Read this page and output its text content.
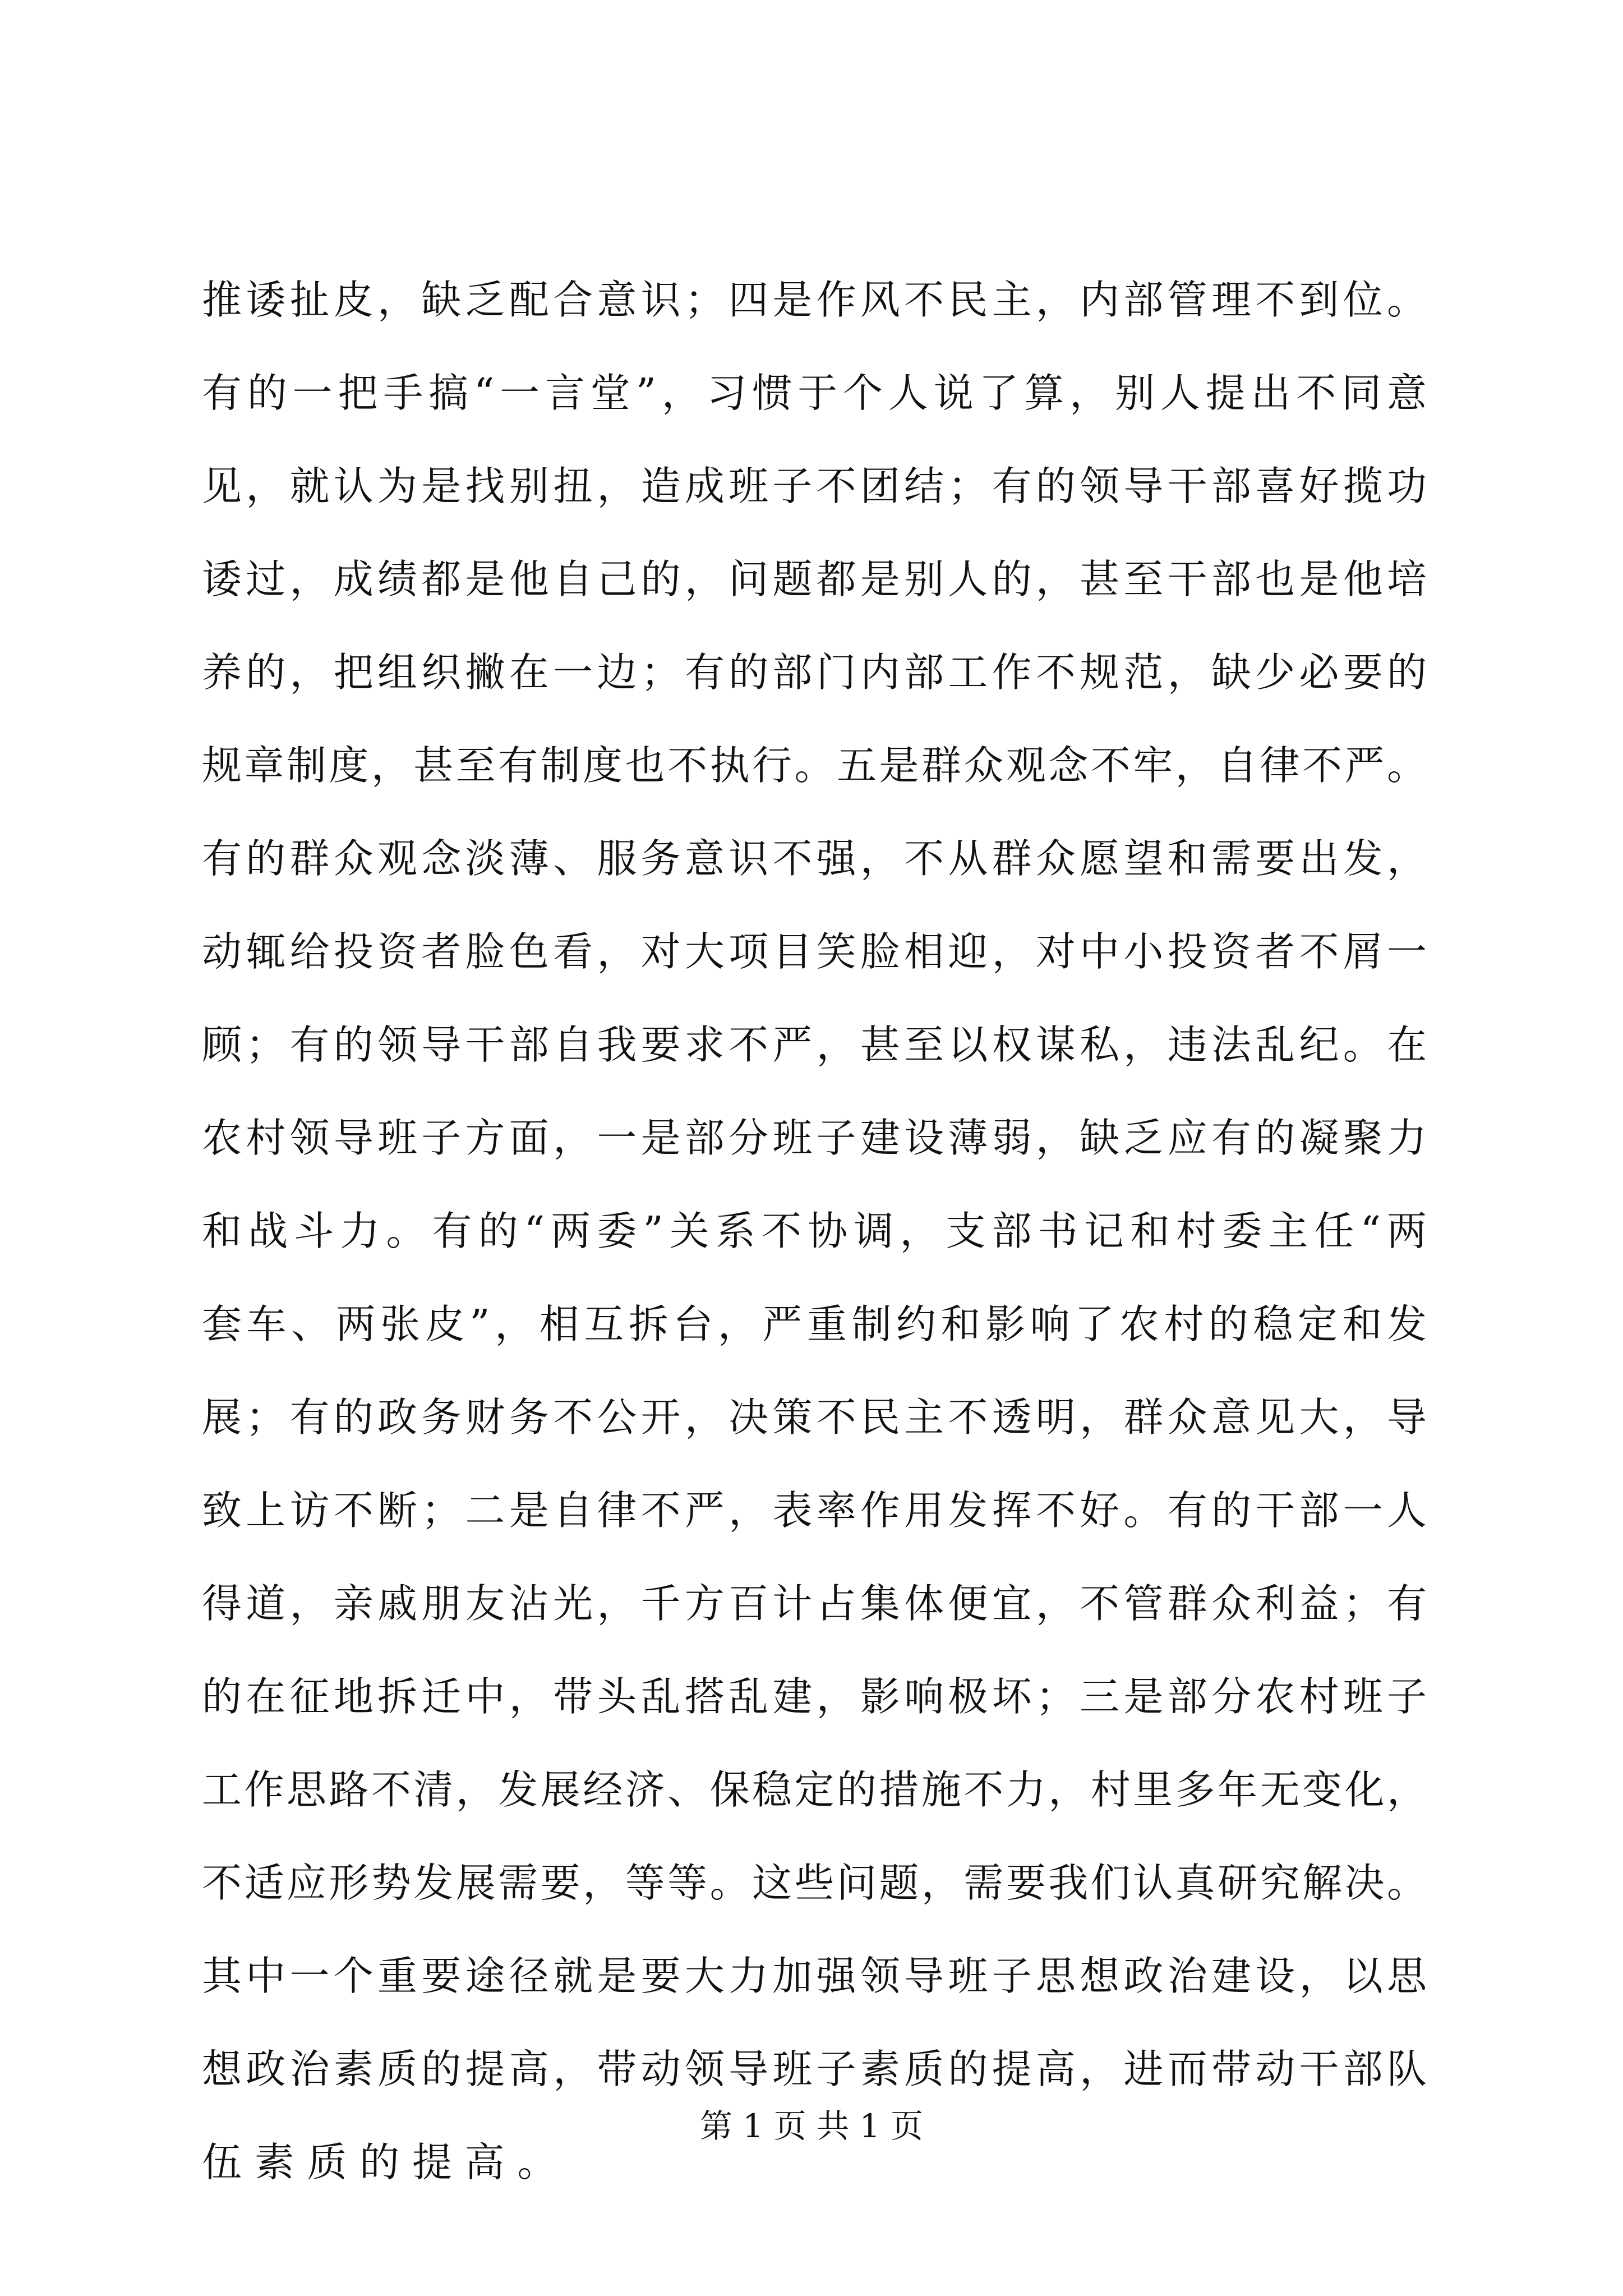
推诿扯皮，缺乏配合意识；四是作风不民主，内部管理不到位。
有的一把手搞“一言堂”，习惯于个人说了算，别人提出不同意
见，就认为是找别扭，造成班子不团结；有的领导干部喜好揽功
诿过，成绩都是他自己的，问题都是别人的，甚至干部也是他培
养的，把组织撇在一边；有的部门内部工作不规范，缺少必要的
规章制度，甚至有制度也不执行。五是群众观念不牢，自律不严。
有的群众观念淡薄、服务意识不强，不从群众愿望和需要出发，
动辄给投资者脸色看，对大项目笑脸相迎，对中小投资者不屑一
顾；有的领导干部自我要求不严，甚至以权谋私，违法乱纪。在
农村领导班子方面，一是部分班子建设薄弱，缺乏应有的凝聚力
和战斗力。有的“两委”关系不协调，支部书记和村委主任“两
套车、两张皮”，相互拆台，严重制约和影响了农村的稳定和发
展；有的政务财务不公开，决策不民主不透明，群众意见大，导
致上访不断；二是自律不严，表率作用发挥不好。有的干部一人
得道，亲戚朋友沾光，千方百计占集体便宜，不管群众利益；有
的在征地拆迁中，带头乱搭乱建，影响极坏；三是部分农村班子
工作思路不清，发展经济、保稳定的措施不力，村里多年无变化，
不适应形势发展需要，等等。这些问题，需要我们认真研究解决。
其中一个重要途径就是要大力加强领导班子思想政治建设，以思
想政治素质的提高，带动领导班子素质的提高，进而带动干部队
伍素质的提高。
第 1 页 共 1 页
